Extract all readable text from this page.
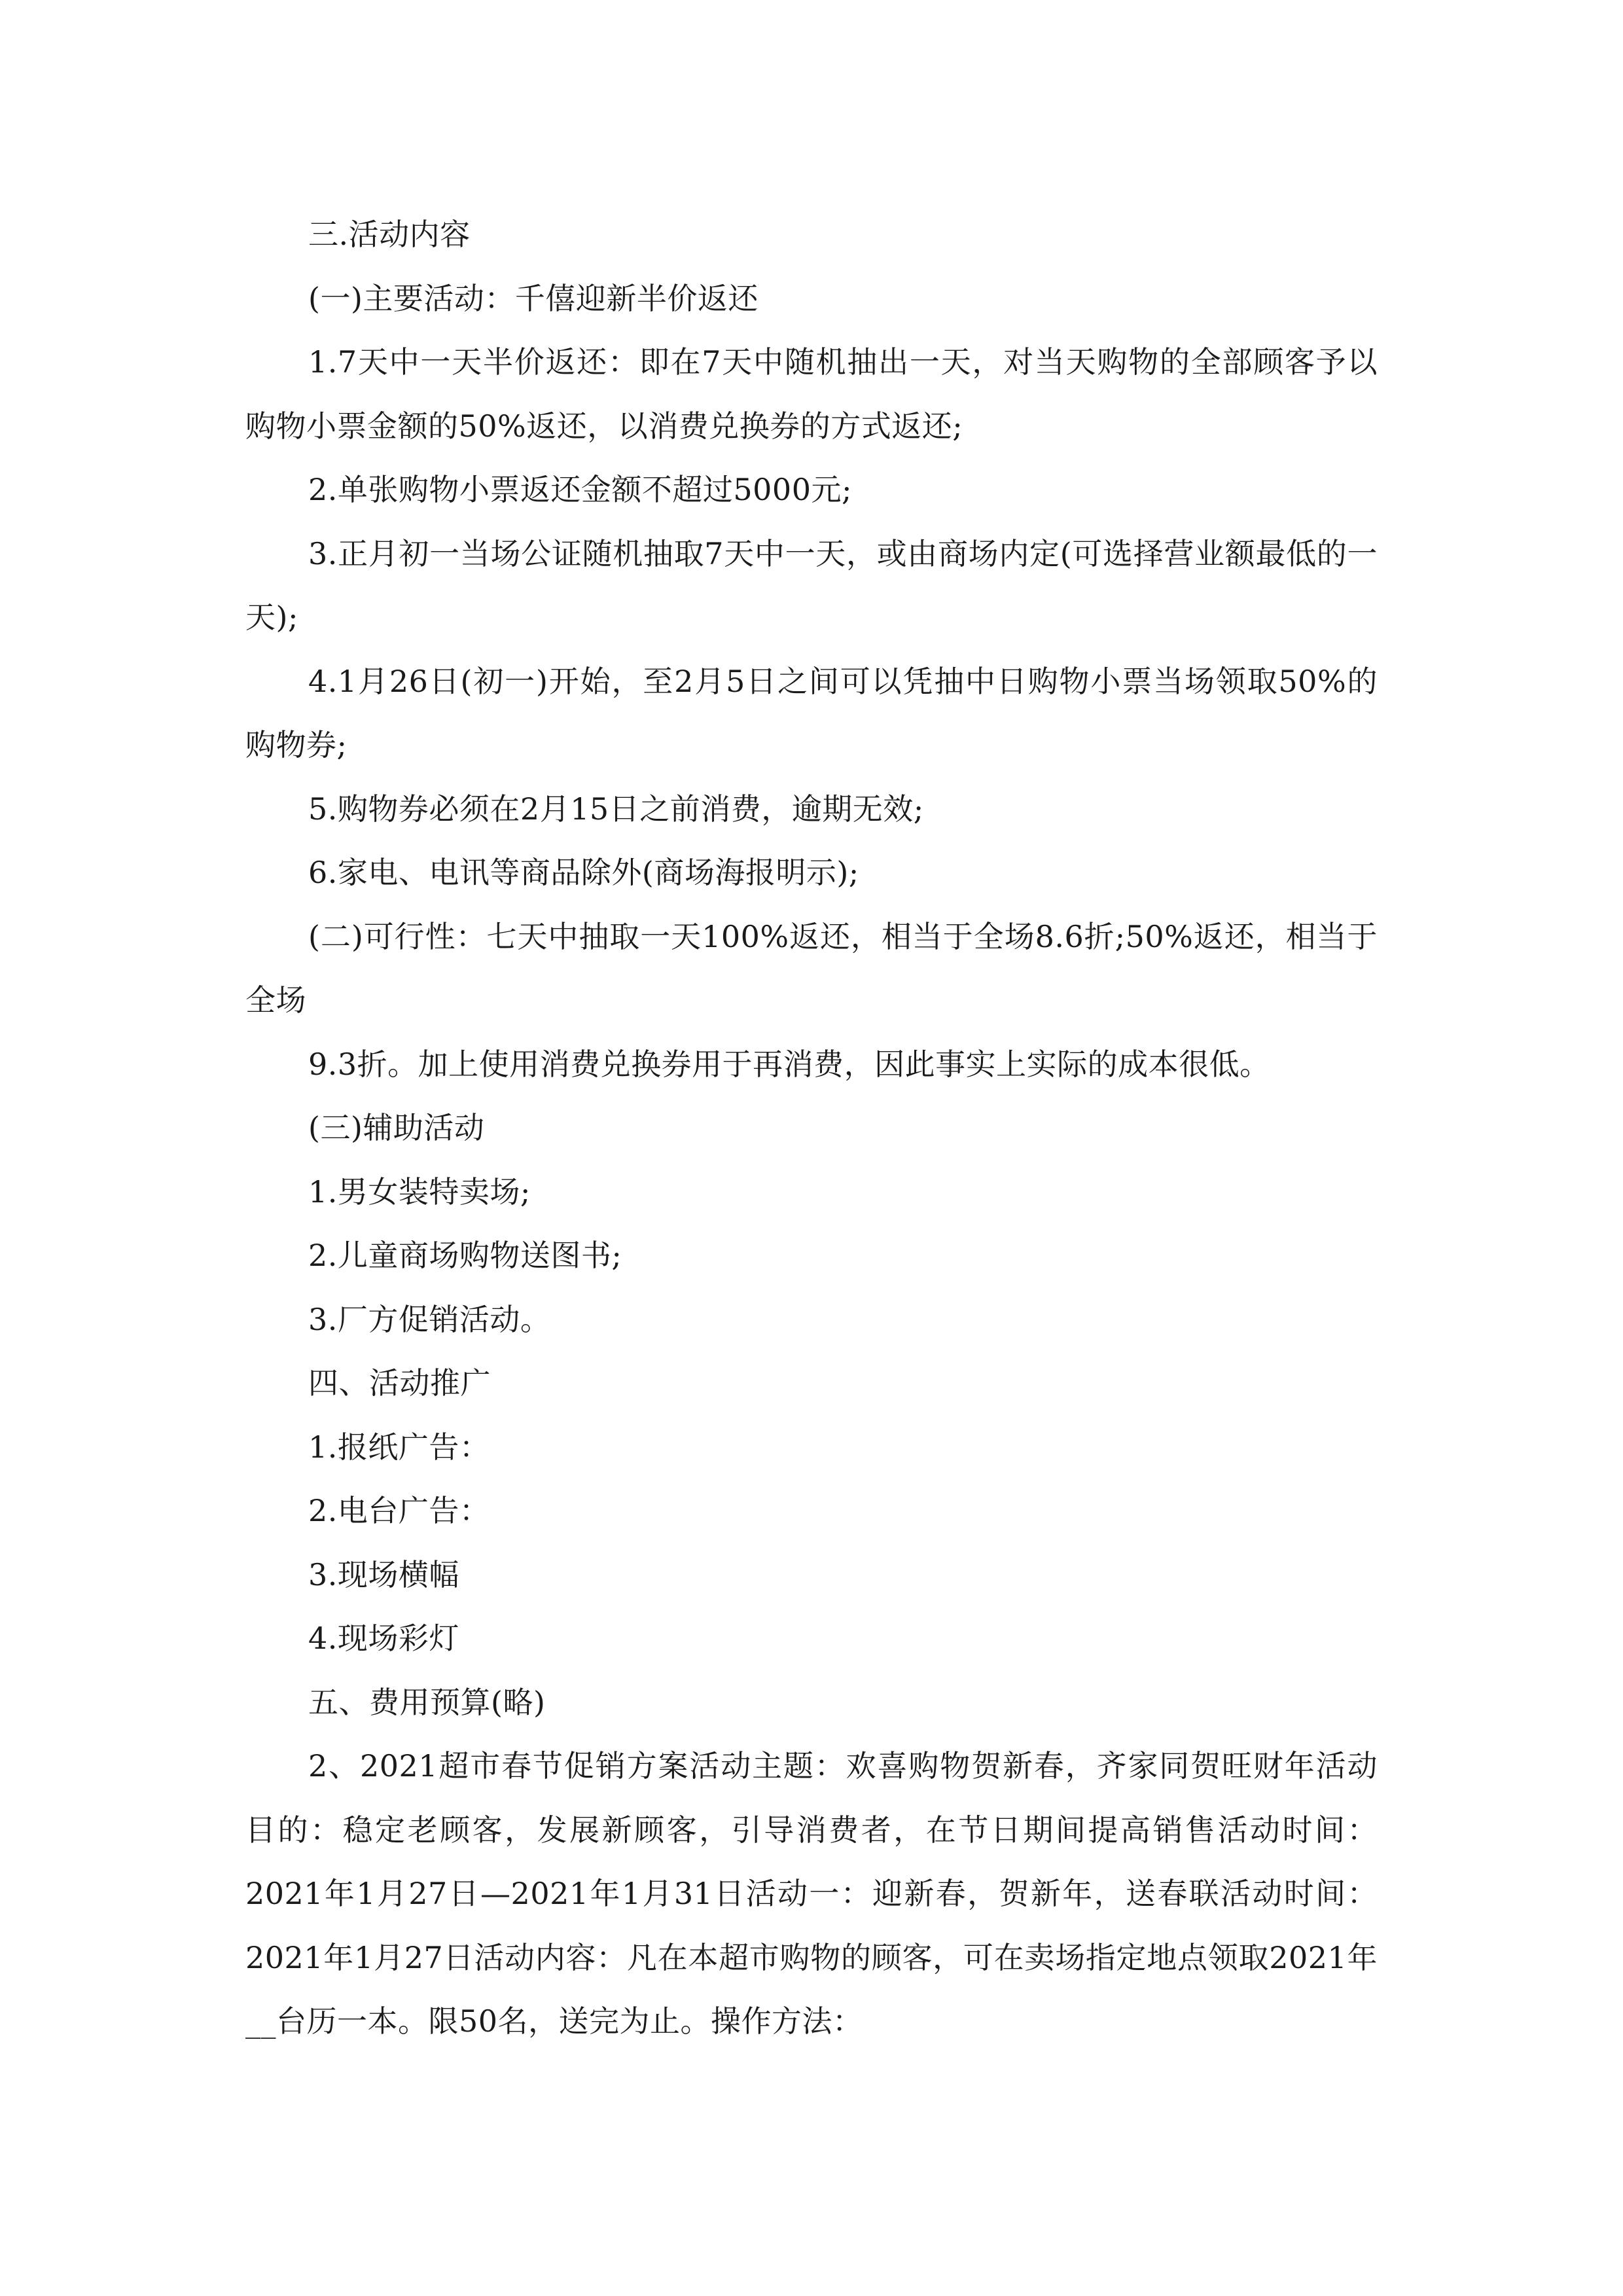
三.活动内容

(一)主要活动：千僖迎新半价返还

1.7天中一天半价返还：即在7天中随机抽出一天，对当天购物的全部顾客予以购物小票金额的50%返还，以消费兑换券的方式返还;

2.单张购物小票返还金额不超过5000元;

3.正月初一当场公证随机抽取7天中一天，或由商场内定(可选择营业额最低的一天);

4.1月26日(初一)开始，至2月5日之间可以凭抽中日购物小票当场领取50%的购物券;

5.购物券必须在2月15日之前消费，逾期无效;

6.家电、电讯等商品除外(商场海报明示);

(二)可行性：七天中抽取一天100%返还，相当于全场8.6折;50%返还，相当于全场

9.3折。加上使用消费兑换券用于再消费，因此事实上实际的成本很低。

(三)辅助活动

1.男女装特卖场;

2.儿童商场购物送图书;

3.厂方促销活动。

四、活动推广

1.报纸广告：

2.电台广告：

3.现场横幅

4.现场彩灯

五、费用预算(略)

2、2021超市春节促销方案活动主题：欢喜购物贺新春，齐家同贺旺财年活动目的：稳定老顾客，发展新顾客，引导消费者，在节日期间提高销售活动时间：2021年1月27日—2021年1月31日活动一：迎新春，贺新年，送春联活动时间：2021年1月27日活动内容：凡在本超市购物的顾客，可在卖场指定地点领取2021年__台历一本。限50名，送完为止。操作方法：
